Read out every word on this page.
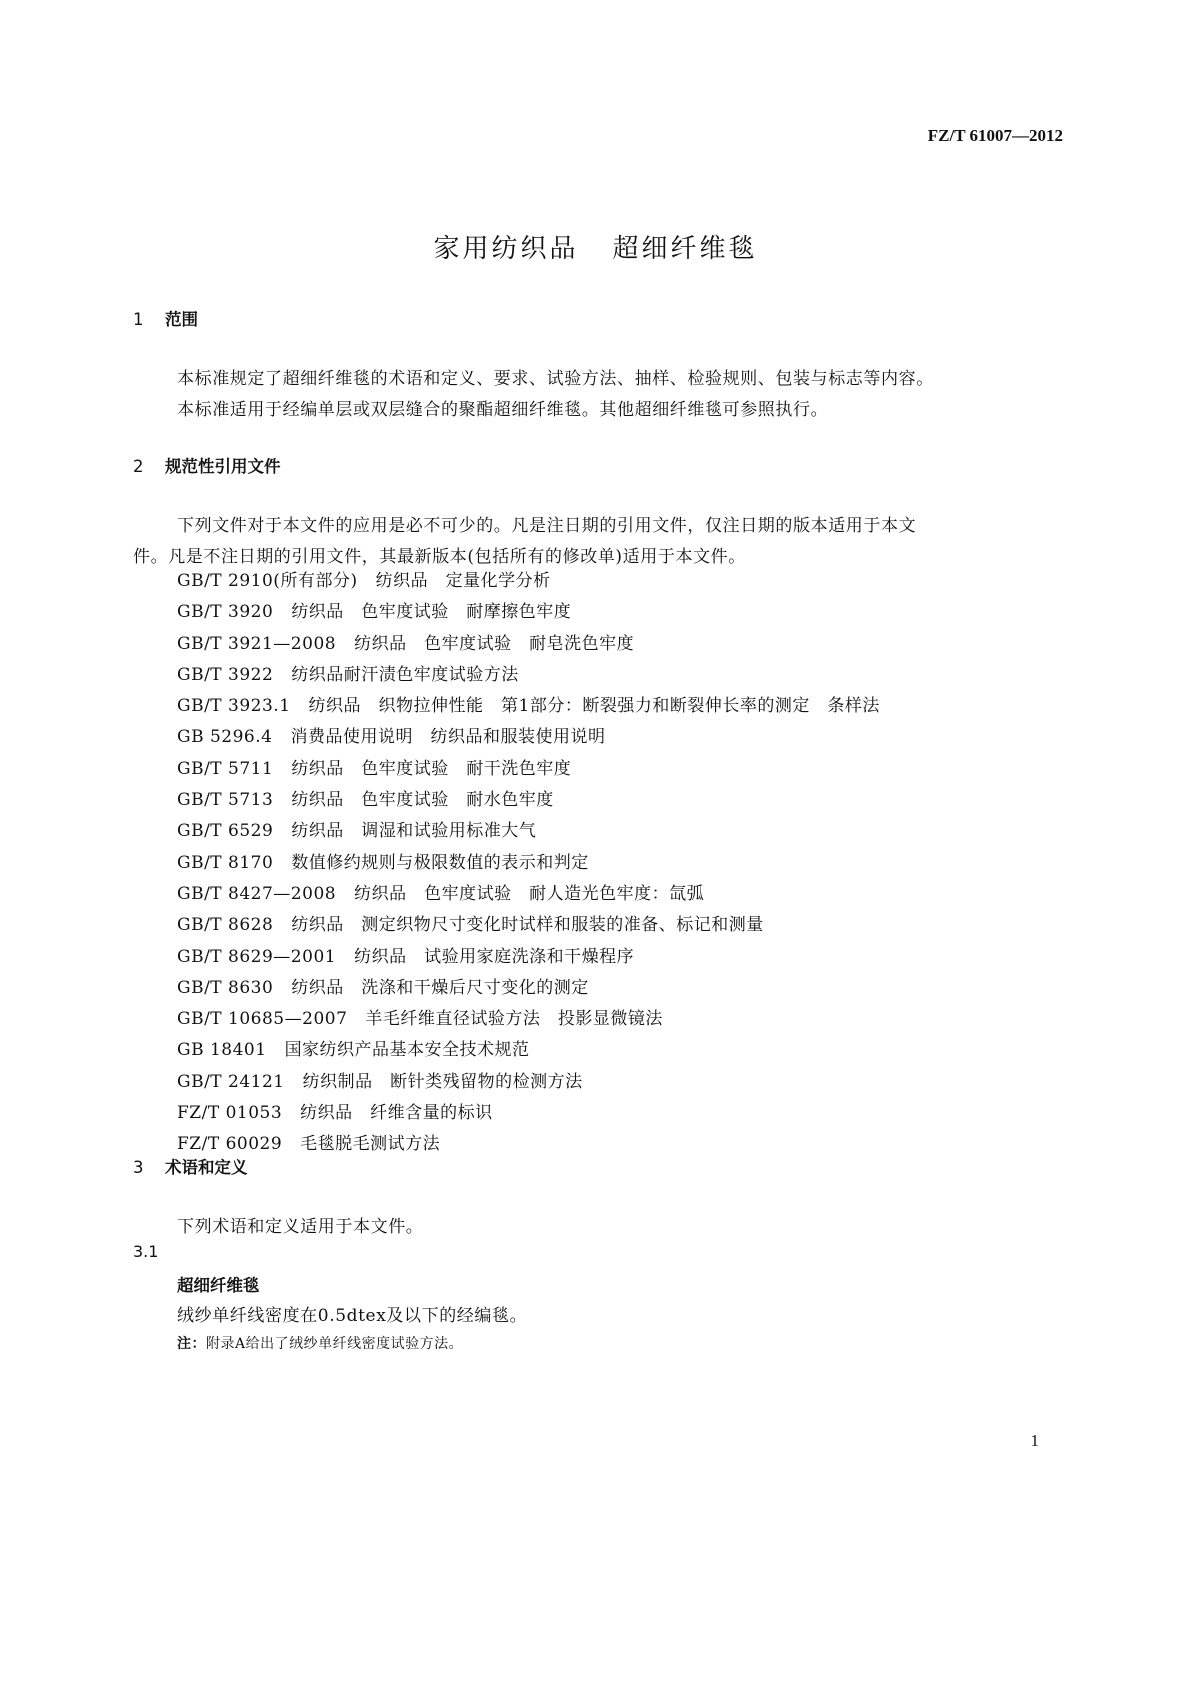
FZ/T 61007—2012
家用纺织品 超细纤维毯
1 范围
本标准规定了超细纤维毯的术语和定义、要求、试验方法、抽样、检验规则、包装与标志等内容。
本标准适用于经编单层或双层缝合的聚酯超细纤维毯。其他超细纤维毯可参照执行。
2 规范性引用文件
下列文件对于本文件的应用是必不可少的。凡是注日期的引用文件，仅注日期的版本适用于本文
件。凡是不注日期的引用文件，其最新版本(包括所有的修改单)适用于本文件。
GB/T 2910(所有部分) 纺织品　定量化学分析
GB/T 3920 纺织品　色牢度试验　耐摩擦色牢度
GB/T 3921—2008 纺织品　色牢度试验　耐皂洗色牢度
GB/T 3922 纺织品耐汗渍色牢度试验方法
GB/T 3923.1 纺织品　织物拉伸性能　第1部分：断裂强力和断裂伸长率的测定　条样法
GB 5296.4 消费品使用说明　纺织品和服装使用说明
GB/T 5711 纺织品　色牢度试验　耐干洗色牢度
GB/T 5713 纺织品　色牢度试验　耐水色牢度
GB/T 6529 纺织品　调湿和试验用标准大气
GB/T 8170 数值修约规则与极限数值的表示和判定
GB/T 8427—2008 纺织品　色牢度试验　耐人造光色牢度：氙弧
GB/T 8628 纺织品　测定织物尺寸变化时试样和服装的准备、标记和测量
GB/T 8629—2001 纺织品　试验用家庭洗涤和干燥程序
GB/T 8630 纺织品　洗涤和干燥后尺寸变化的测定
GB/T 10685—2007 羊毛纤维直径试验方法　投影显微镜法
GB 18401 国家纺织产品基本安全技术规范
GB/T 24121 纺织制品　断针类残留物的检测方法
FZ/T 01053 纺织品　纤维含量的标识
FZ/T 60029 毛毯脱毛测试方法
3 术语和定义
下列术语和定义适用于本文件。
3.1
超细纤维毯
绒纱单纤线密度在0.5dtex及以下的经编毯。
注：附录A给出了绒纱单纤线密度试验方法。
1
